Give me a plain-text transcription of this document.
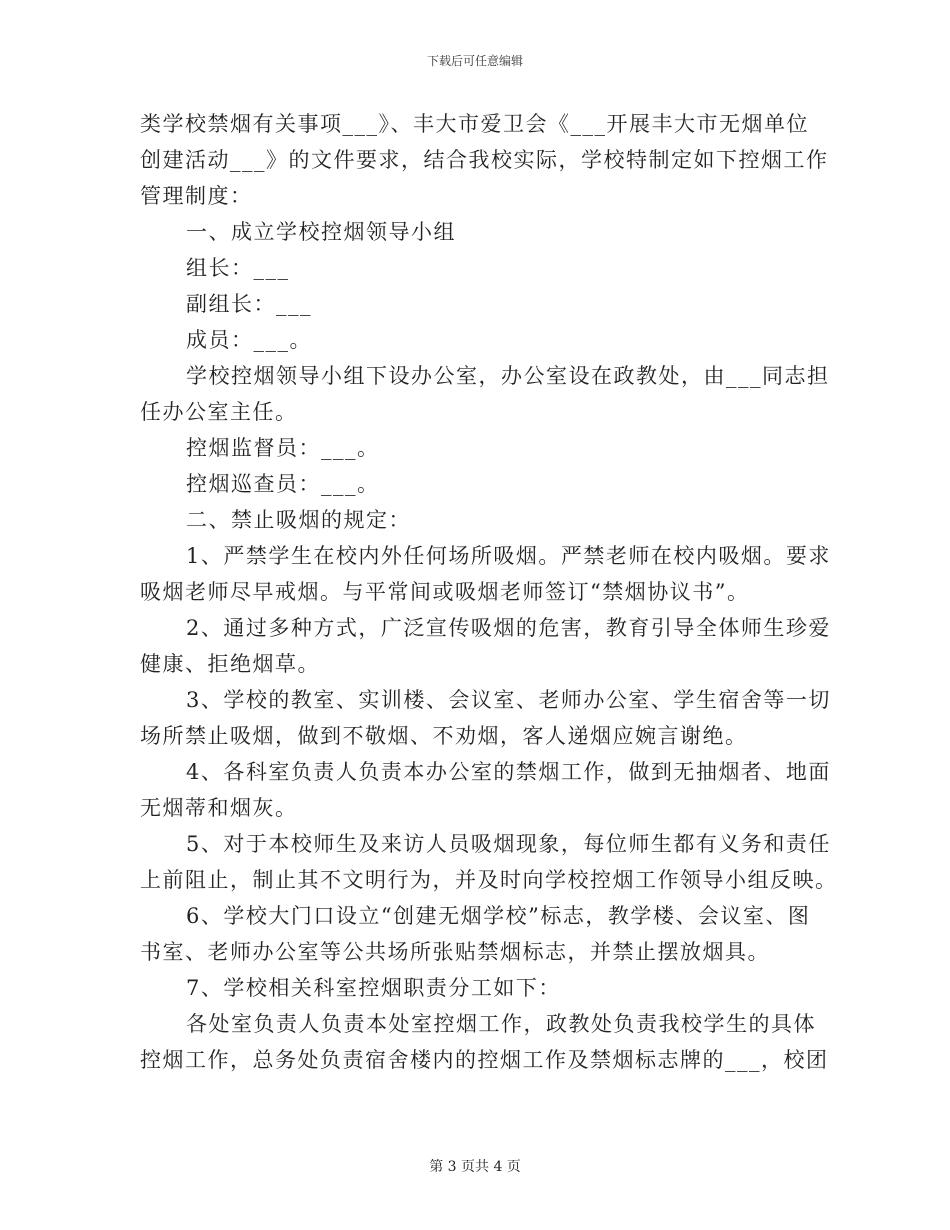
下载后可任意编辑

类学校禁烟有关事项___》、丰大市爱卫会《___开展丰大市无烟单位

创建活动___》的文件要求，结合我校实际，学校特制定如下控烟工作

管理制度：

一、成立学校控烟领导小组

组长：___

副组长：___

成员：___。

学校控烟领导小组下设办公室，办公室设在政教处，由___同志担

任办公室主任。

控烟监督员：___。

控烟巡查员：___。

二、禁止吸烟的规定：

1、严禁学生在校内外任何场所吸烟。严禁老师在校内吸烟。要求

吸烟老师尽早戒烟。与平常间或吸烟老师签订“禁烟协议书”。

2、通过多种方式，广泛宣传吸烟的危害，教育引导全体师生珍爱

健康、拒绝烟草。

3、学校的教室、实训楼、会议室、老师办公室、学生宿舍等一切

场所禁止吸烟，做到不敬烟、不劝烟，客人递烟应婉言谢绝。

4、各科室负责人负责本办公室的禁烟工作，做到无抽烟者、地面

无烟蒂和烟灰。

5、对于本校师生及来访人员吸烟现象，每位师生都有义务和责任

上前阻止，制止其不文明行为，并及时向学校控烟工作领导小组反映。

6、学校大门口设立“创建无烟学校”标志，教学楼、会议室、图

书室、老师办公室等公共场所张贴禁烟标志，并禁止摆放烟具。

7、学校相关科室控烟职责分工如下：

各处室负责人负责本处室控烟工作，政教处负责我校学生的具体

控烟工作，总务处负责宿舍楼内的控烟工作及禁烟标志牌的___，校团

第 3 页共 4 页
